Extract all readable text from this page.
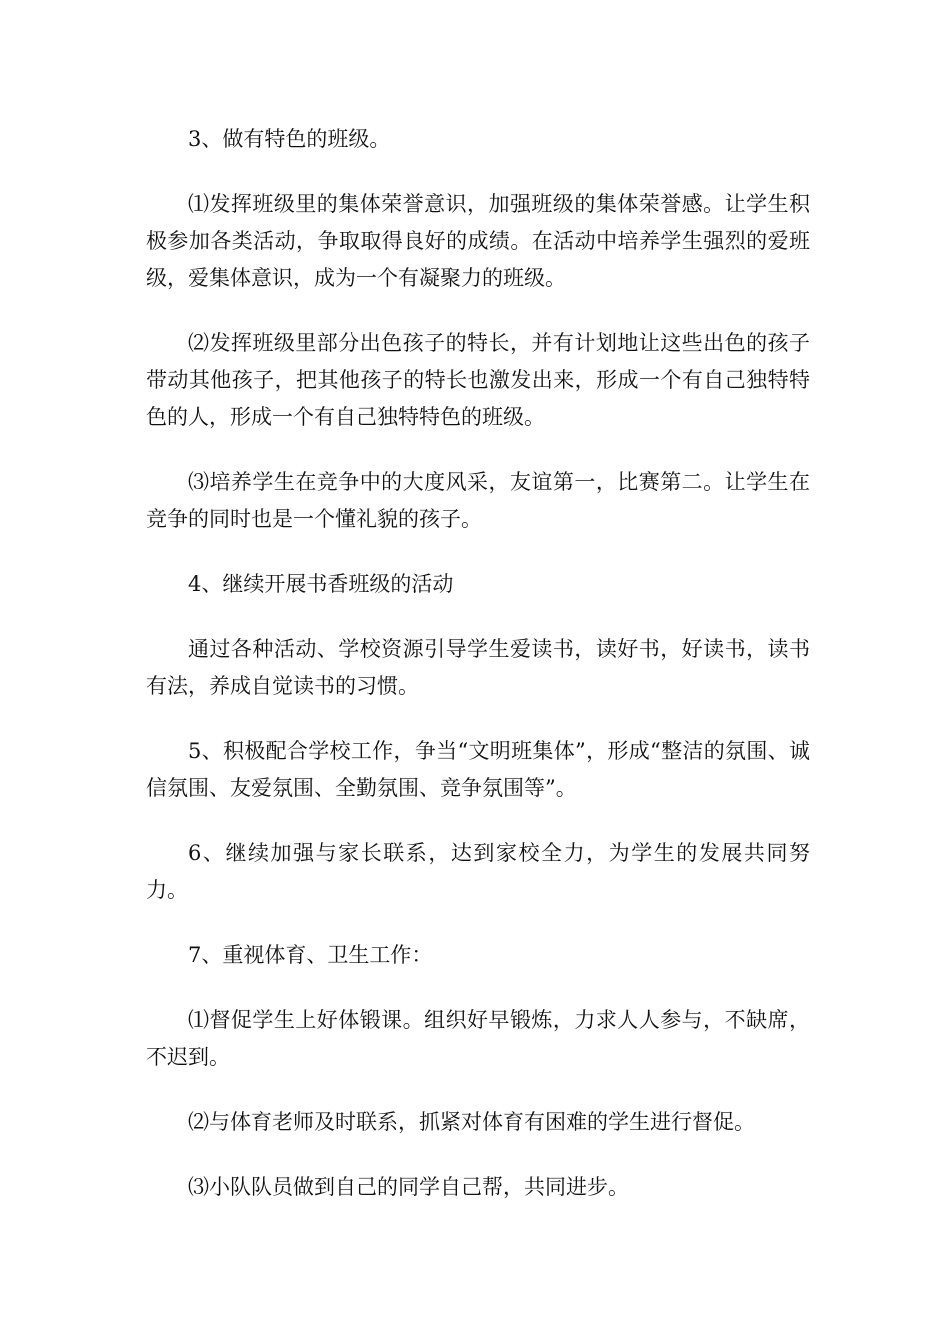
3、做有特色的班级。

⑴发挥班级里的集体荣誉意识，加强班级的集体荣誉感。让学生积极参加各类活动，争取取得良好的成绩。在活动中培养学生强烈的爱班级，爱集体意识，成为一个有凝聚力的班级。

⑵发挥班级里部分出色孩子的特长，并有计划地让这些出色的孩子带动其他孩子，把其他孩子的特长也激发出来，形成一个有自己独特特色的人，形成一个有自己独特特色的班级。

⑶培养学生在竞争中的大度风采，友谊第一，比赛第二。让学生在竞争的同时也是一个懂礼貌的孩子。

4、继续开展书香班级的活动

通过各种活动、学校资源引导学生爱读书，读好书，好读书，读书有法，养成自觉读书的习惯。

5、积极配合学校工作，争当“文明班集体”，形成“整洁的氛围、诚信氛围、友爱氛围、全勤氛围、竞争氛围等”。

6、继续加强与家长联系，达到家校全力，为学生的发展共同努力。

7、重视体育、卫生工作：

⑴督促学生上好体锻课。组织好早锻炼，力求人人参与，不缺席，不迟到。

⑵与体育老师及时联系，抓紧对体育有困难的学生进行督促。

⑶小队队员做到自己的同学自己帮，共同进步。
